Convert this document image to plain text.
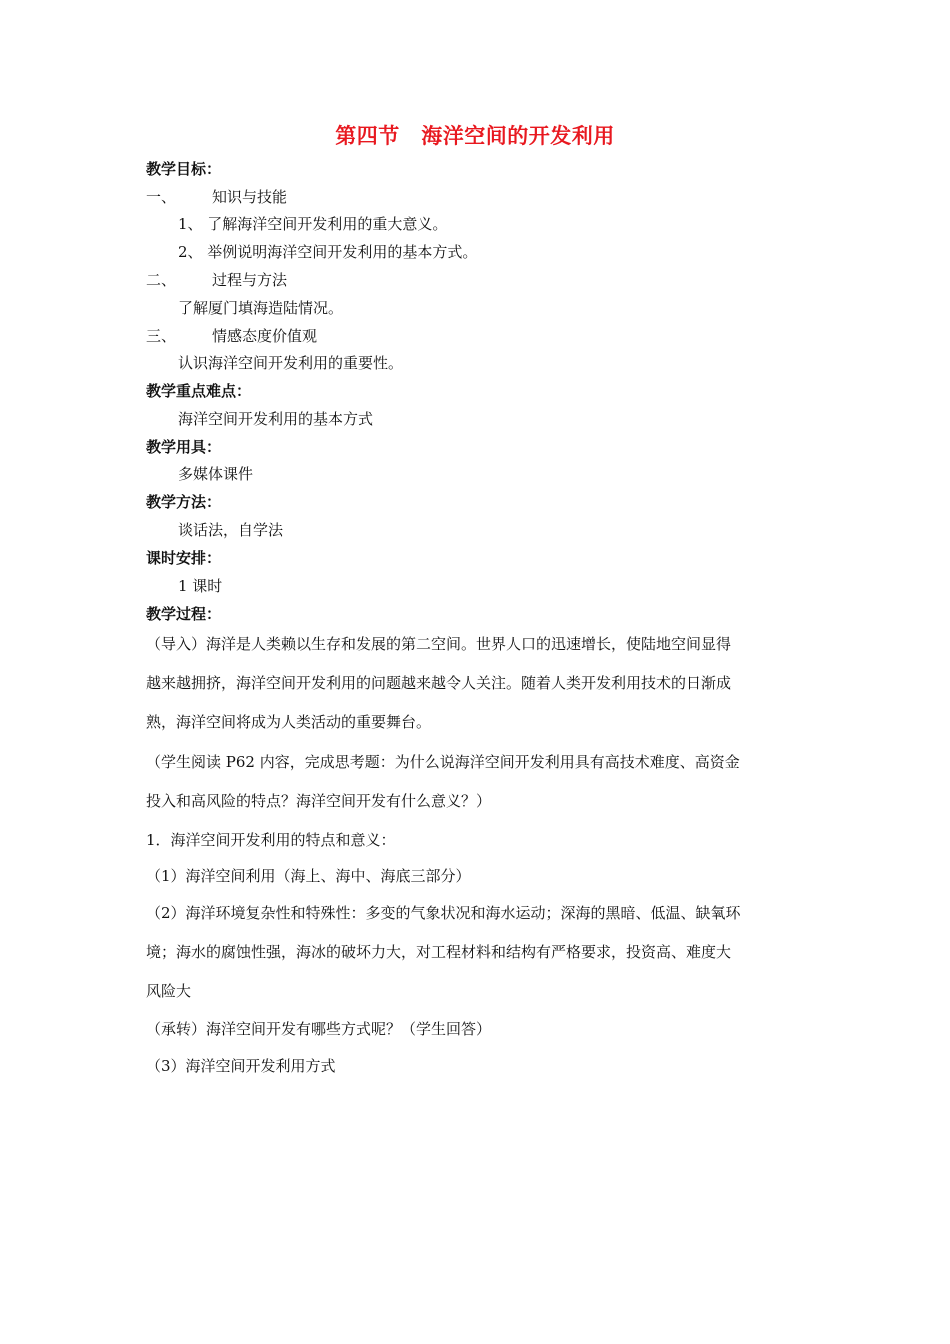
第四节　海洋空间的开发利用
教学目标：
一、 知识与技能
1、 了解海洋空间开发利用的重大意义。
2、 举例说明海洋空间开发利用的基本方式。
二、 过程与方法
了解厦门填海造陆情况。
三、 情感态度价值观
认识海洋空间开发利用的重要性。
教学重点难点：
海洋空间开发利用的基本方式
教学用具：
多媒体课件
教学方法：
谈话法，自学法
课时安排：
1 课时
教学过程：
（导入）海洋是人类赖以生存和发展的第二空间。世界人口的迅速增长，使陆地空间显得
越来越拥挤，海洋空间开发利用的问题越来越令人关注。随着人类开发利用技术的日渐成
熟，海洋空间将成为人类活动的重要舞台。
（学生阅读 P62 内容，完成思考题：为什么说海洋空间开发利用具有高技术难度、高资金
投入和高风险的特点？海洋空间开发有什么意义？）
1．海洋空间开发利用的特点和意义：
（1）海洋空间利用（海上、海中、海底三部分）
（2）海洋环境复杂性和特殊性：多变的气象状况和海水运动；深海的黑暗、低温、缺氧环
境；海水的腐蚀性强，海冰的破坏力大，对工程材料和结构有严格要求，投资高、难度大
风险大
（承转）海洋空间开发有哪些方式呢？（学生回答）
（3）海洋空间开发利用方式
